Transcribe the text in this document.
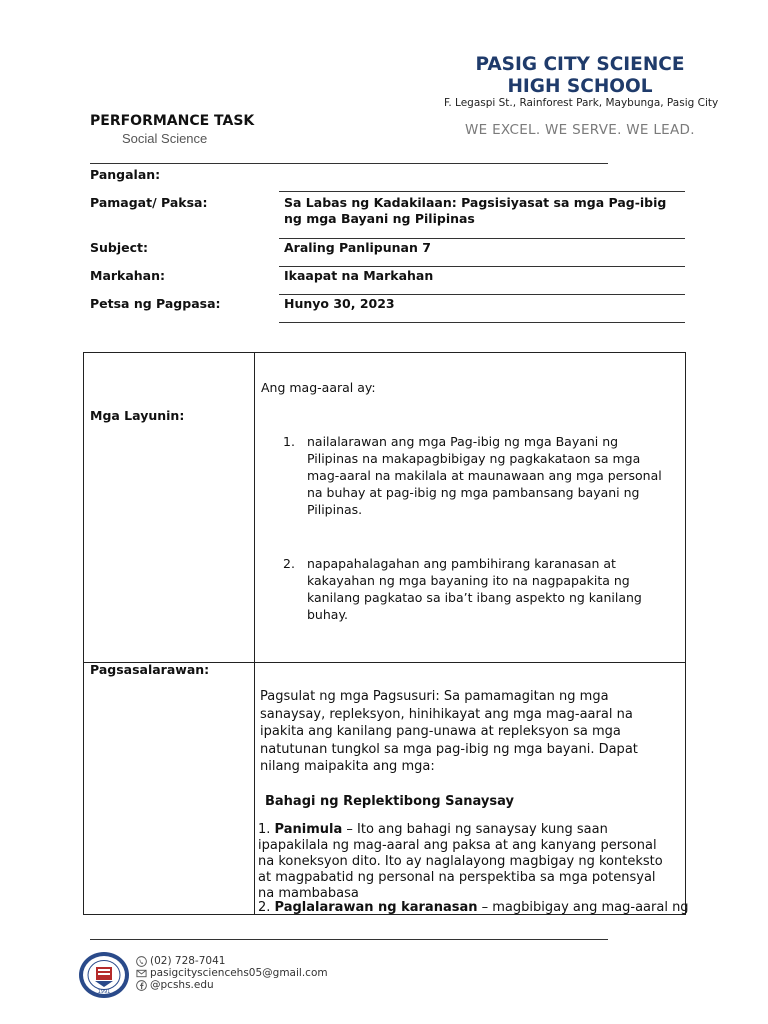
PASIG CITY SCIENCE
HIGH SCHOOL
F. Legaspi St., Rainforest Park, Maybunga, Pasig City
WE EXCEL. WE SERVE. WE LEAD.
PERFORMANCE TASK
Social Science
Pangalan:
Pamagat/ Paksa:	Sa Labas ng Kadakilaan: Pagsisiyasat sa mga Pag-ibig ng mga Bayani ng Pilipinas
Subject:	Araling Panlipunan 7
Markahan:	Ikaapat na Markahan
Petsa ng Pagpasa:	Hunyo 30, 2023
Mga Layunin:
Ang mag-aaral ay:
1. nailalarawan ang mga Pag-ibig ng mga Bayani ng Pilipinas na makapagbibigay ng pagkakataon sa mga mag-aaral na makilala at maunawaan ang mga personal na buhay at pag-ibig ng mga pambansang bayani ng Pilipinas.
2. napapahalagahan ang pambihirang karanasan at kakayahan ng mga bayaning ito na nagpapakita ng kanilang pagkatao sa iba’t ibang aspekto ng kanilang buhay.
Pagsasalarawan:
Pagsulat ng mga Pagsusuri: Sa pamamagitan ng mga sanaysay, repleksyon, hinihikayat ang mga mag-aaral na ipakita ang kanilang pang-unawa at repleksyon sa mga natutunan tungkol sa mga pag-ibig ng mga bayani. Dapat nilang maipakita ang mga:
Bahagi ng Replektibong Sanaysay
1. Panimula – Ito ang bahagi ng sanaysay kung saan ipapakilala ng mag-aaral ang paksa at ang kanyang personal na koneksyon dito. Ito ay naglalayong magbigay ng konteksto at magpabatid ng personal na perspektiba sa mga potensyal na mambabasa
2. Paglalarawan ng karanasan – magbibigay ang mag-aaral ng
1991
(02) 728-7041
pasigcitysciencehs05@gmail.com
@pcshs.edu
